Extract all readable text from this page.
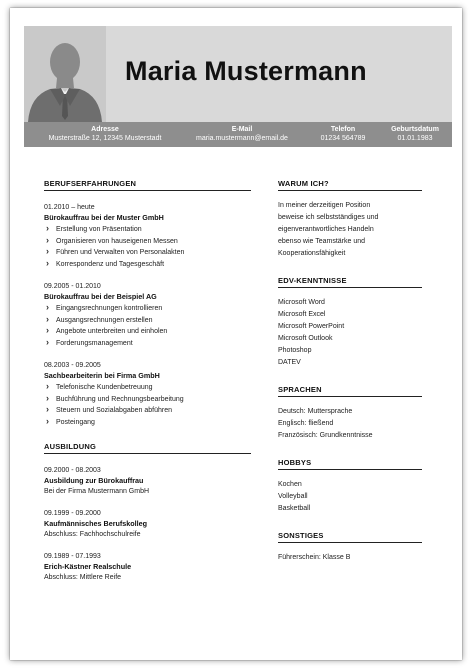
Maria Mustermann
Adresse
Musterstraße 12, 12345 Musterstadt
E-Mail
maria.mustermann@email.de
Telefon
01234 564789
Geburtsdatum
01.01.1983
BERUFSERFAHRUNGEN
01.2010 – heute
Bürokauffrau bei der Muster GmbH
› Erstellung von Präsentation
› Organisieren von hauseigenen Messen
› Führen und Verwalten von Personalakten
› Korrespondenz und Tagesgeschäft
09.2005 - 01.2010
Bürokauffrau bei der Beispiel AG
› Eingangsrechnungen kontrollieren
› Ausgangsrechnungen erstellen
› Angebote unterbreiten und einholen
› Forderungsmanagement
08.2003 - 09.2005
Sachbearbeiterin bei Firma GmbH
› Telefonische Kundenbetreuung
› Buchführung und Rechnungsbearbeitung
› Steuern und Sozialabgaben abführen
› Posteingang
AUSBILDUNG
09.2000 - 08.2003
Ausbildung zur Bürokauffrau
Bei der Firma Mustermann GmbH
09.1999 - 09.2000
Kaufmännisches Berufskolleg
Abschluss: Fachhochschulreife
09.1989 - 07.1993
Erich-Kästner Realschule
Abschluss: Mittlere Reife
WARUM ICH?
In meiner derzeitigen Position
beweise ich selbstständiges und
eigenverantwortliches Handeln
ebenso wie Teamstärke und
Kooperationsfähigkeit
EDV-KENNTNISSE
Microsoft Word
Microsoft Excel
Microsoft PowerPoint
Microsoft Outlook
Photoshop
DATEV
SPRACHEN
Deutsch: Muttersprache
Englisch: fließend
Französisch: Grundkenntnisse
HOBBYS
Kochen
Volleyball
Basketball
SONSTIGES
Führerschein: Klasse B
